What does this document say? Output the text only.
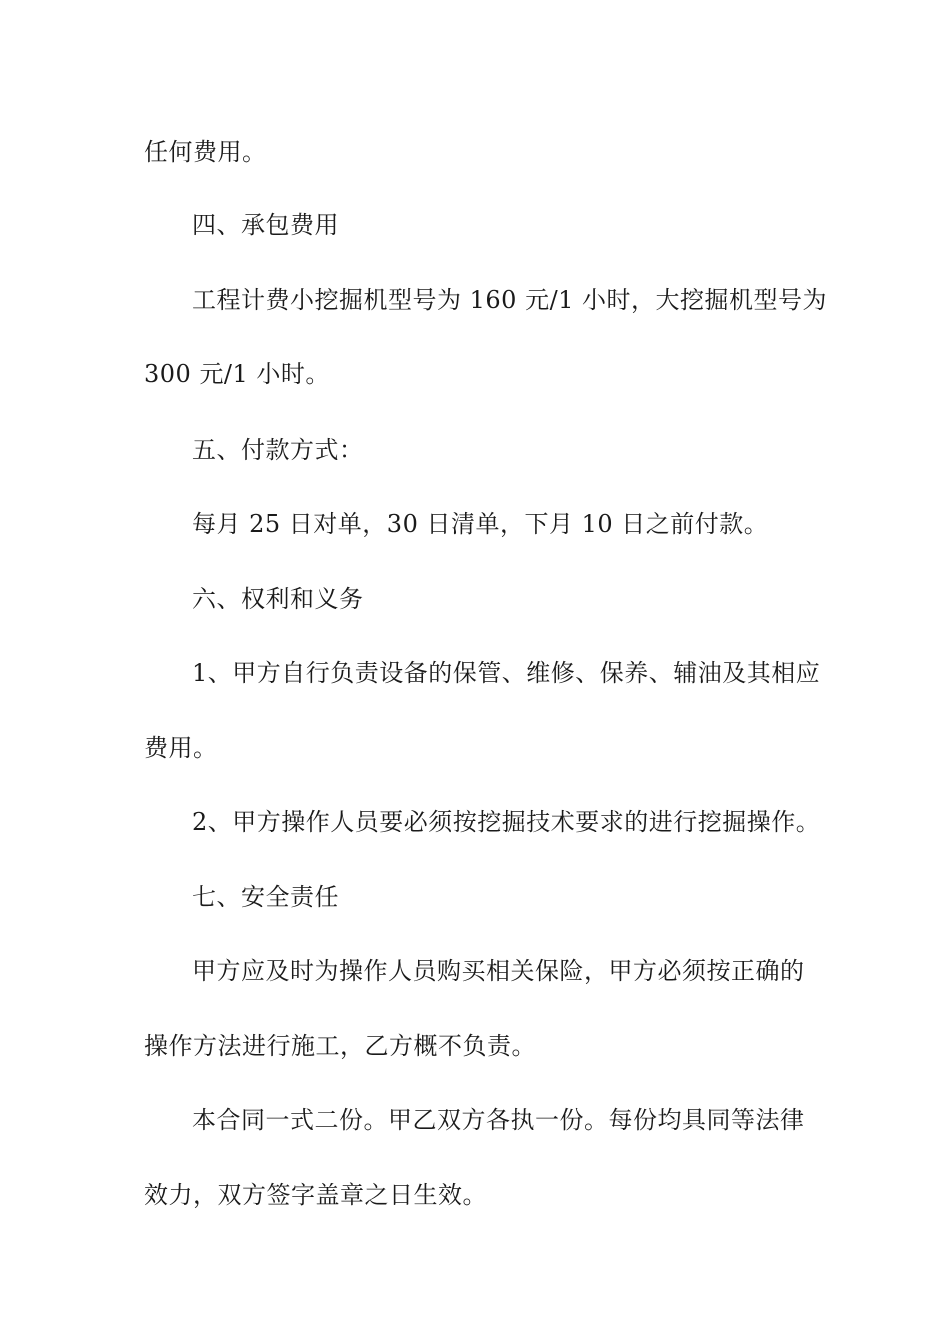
任何费用。
四、承包费用
工程计费小挖掘机型号为 160 元/1 小时，大挖掘机型号为
300 元/1 小时。
五、付款方式：
每月 25 日对单，30 日清单，下月 10 日之前付款。
六、权利和义务
1、甲方自行负责设备的保管、维修、保养、辅油及其相应
费用。
2、甲方操作人员要必须按挖掘技术要求的进行挖掘操作。
七、安全责任
甲方应及时为操作人员购买相关保险，甲方必须按正确的
操作方法进行施工，乙方概不负责。
本合同一式二份。甲乙双方各执一份。每份均具同等法律
效力，双方签字盖章之日生效。
